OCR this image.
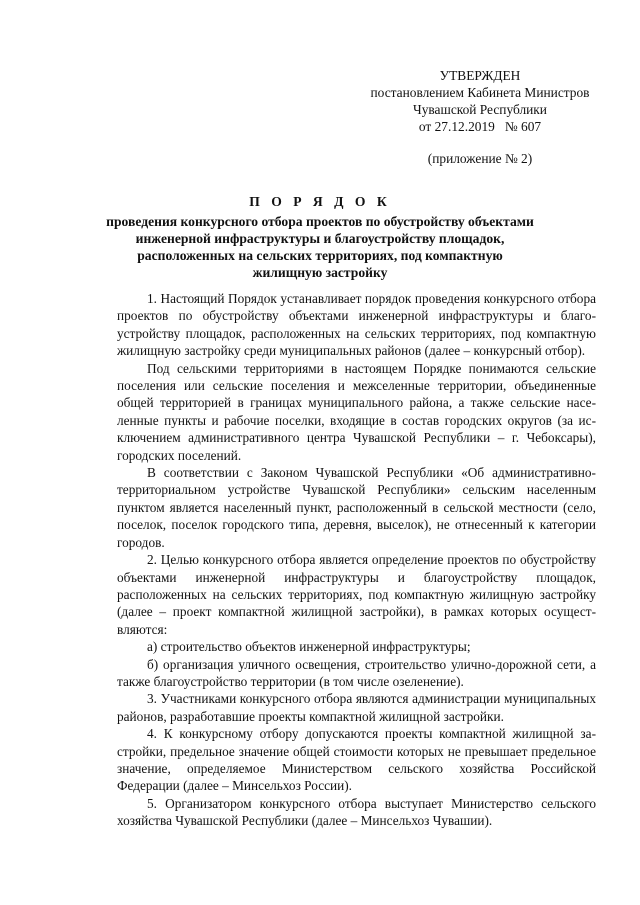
УТВЕРЖДЕН
постановлением Кабинета Министров
Чувашской Республики
от 27.12.2019   № 607
(приложение № 2)
П О Р Я Д О К
проведения конкурсного отбора проектов по обустройству объектами инженерной инфраструктуры и благоустройству площадок, расположенных на сельских территориях, под компактную жилищную застройку

1. Настоящий Порядок устанавливает порядок проведения конкурсного отбора проектов по обустройству объектами инженерной инфраструктуры и благоустройству площадок, расположенных на сельских территориях, под компактную жилищную застройку среди муниципальных районов (далее – конкурсный отбор).

Под сельскими территориями в настоящем Порядке понимаются сельские поселения или сельские поселения и межселенные территории, объединенные общей территорией в границах муниципального района, а также сельские населенные пункты и рабочие поселки, входящие в состав городских округов (за исключением административного центра Чувашской Республики – г. Чебоксары), городских поселений.

В соответствии с Законом Чувашской Республики «Об административно-территориальном устройстве Чувашской Республики» сельским населенным пунктом является населенный пункт, расположенный в сельской местности (село, поселок, поселок городского типа, деревня, выселок), не отнесенный к категории городов.

2. Целью конкурсного отбора является определение проектов по обустройству объектами инженерной инфраструктуры и благоустройству площадок, расположенных на сельских территориях, под компактную жилищную застройку (далее – проект компактной жилищной застройки), в рамках которых осуществляются:

а) строительство объектов инженерной инфраструктуры;

б) организация уличного освещения, строительство улично-дорожной сети, а также благоустройство территории (в том числе озеленение).

3. Участниками конкурсного отбора являются администрации муниципальных районов, разработавшие проекты компактной жилищной застройки.

4. К конкурсному отбору допускаются проекты компактной жилищной застройки, предельное значение общей стоимости которых не превышает предельное значение, определяемое Министерством сельского хозяйства Российской Федерации (далее – Минсельхоз России).

5. Организатором конкурсного отбора выступает Министерство сельского хозяйства Чувашской Республики (далее – Минсельхоз Чувашии).
